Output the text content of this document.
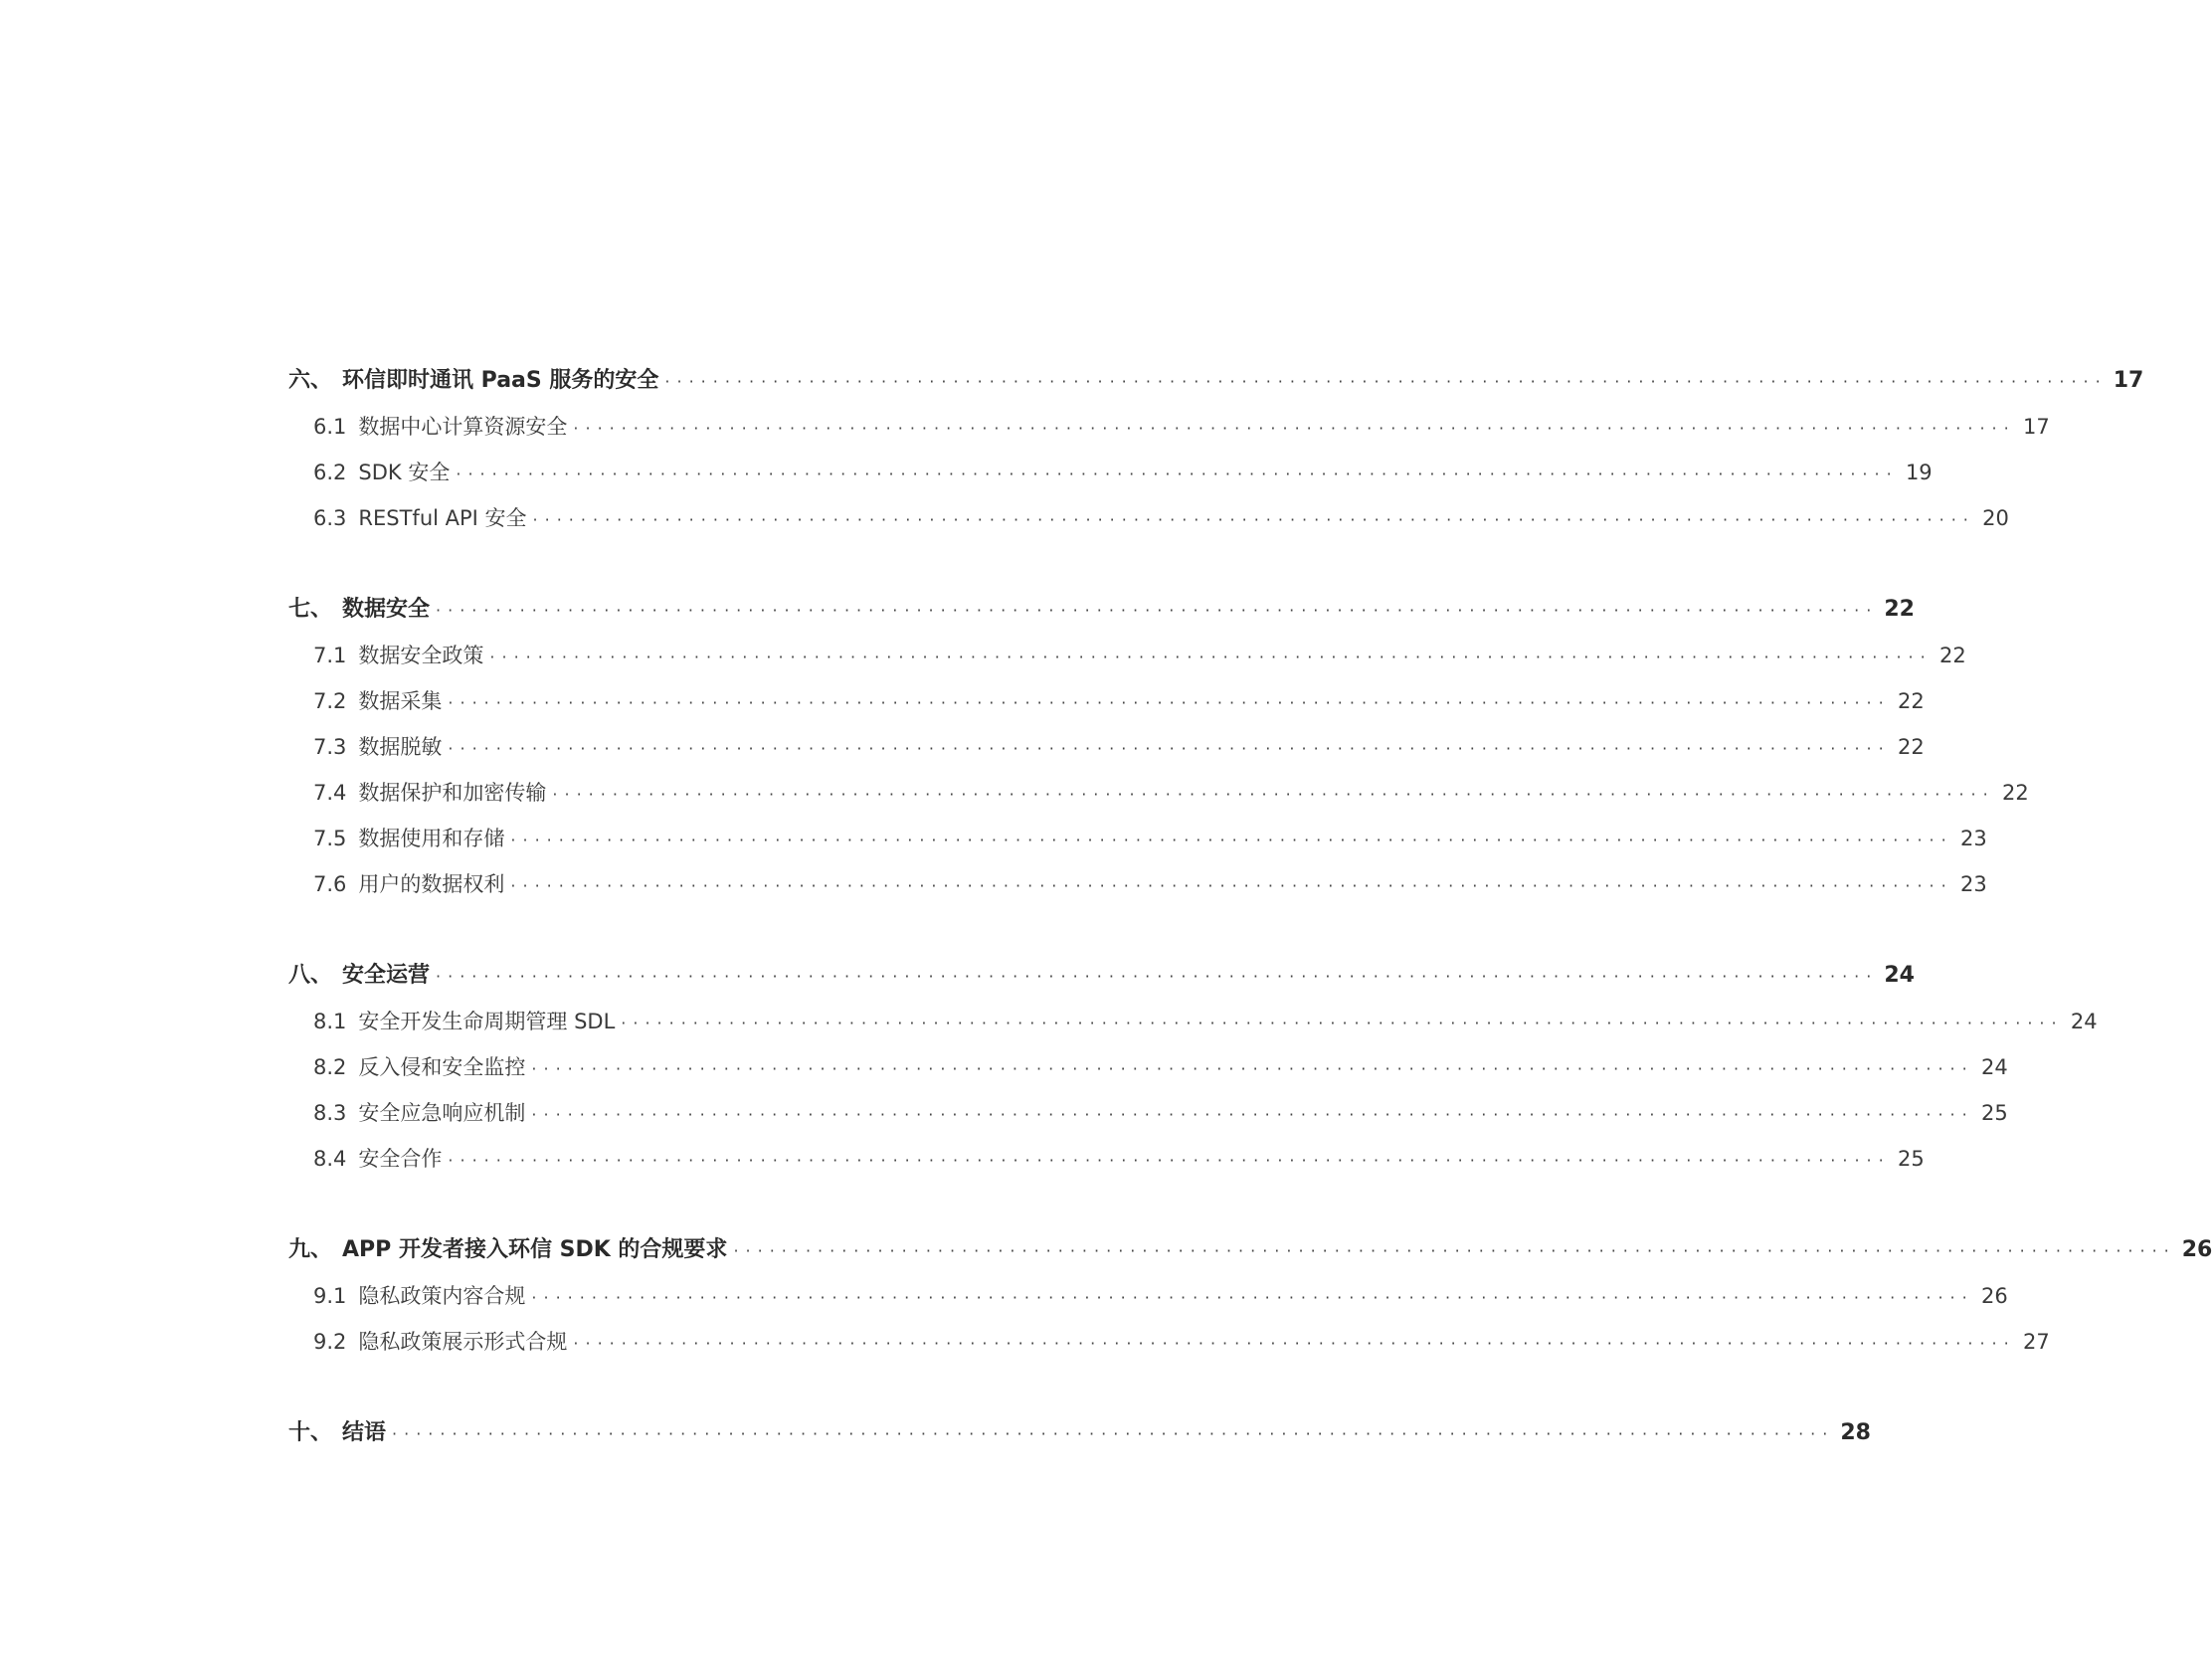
六、 环信即时通讯 PaaS 服务的安全 ························································································································ 17
6.1 数据中心计算资源安全 ························································································································ 17
6.2 SDK 安全 ························································································································ 19
6.3 RESTful API 安全 ························································································································ 20
七、 数据安全 ························································································································ 22
7.1 数据安全政策 ························································································································ 22
7.2 数据采集 ························································································································ 22
7.3 数据脱敏 ························································································································ 22
7.4 数据保护和加密传输 ························································································································ 22
7.5 数据使用和存储 ························································································································ 23
7.6 用户的数据权利 ························································································································ 23
八、 安全运营 ························································································································ 24
8.1 安全开发生命周期管理 SDL ························································································································ 24
8.2 反入侵和安全监控 ························································································································ 24
8.3 安全应急响应机制 ························································································································ 25
8.4 安全合作 ························································································································ 25
九、 APP 开发者接入环信 SDK 的合规要求 ························································································································ 26
9.1 隐私政策内容合规 ························································································································ 26
9.2 隐私政策展示形式合规 ························································································································ 27
十、 结语 ························································································································ 28
